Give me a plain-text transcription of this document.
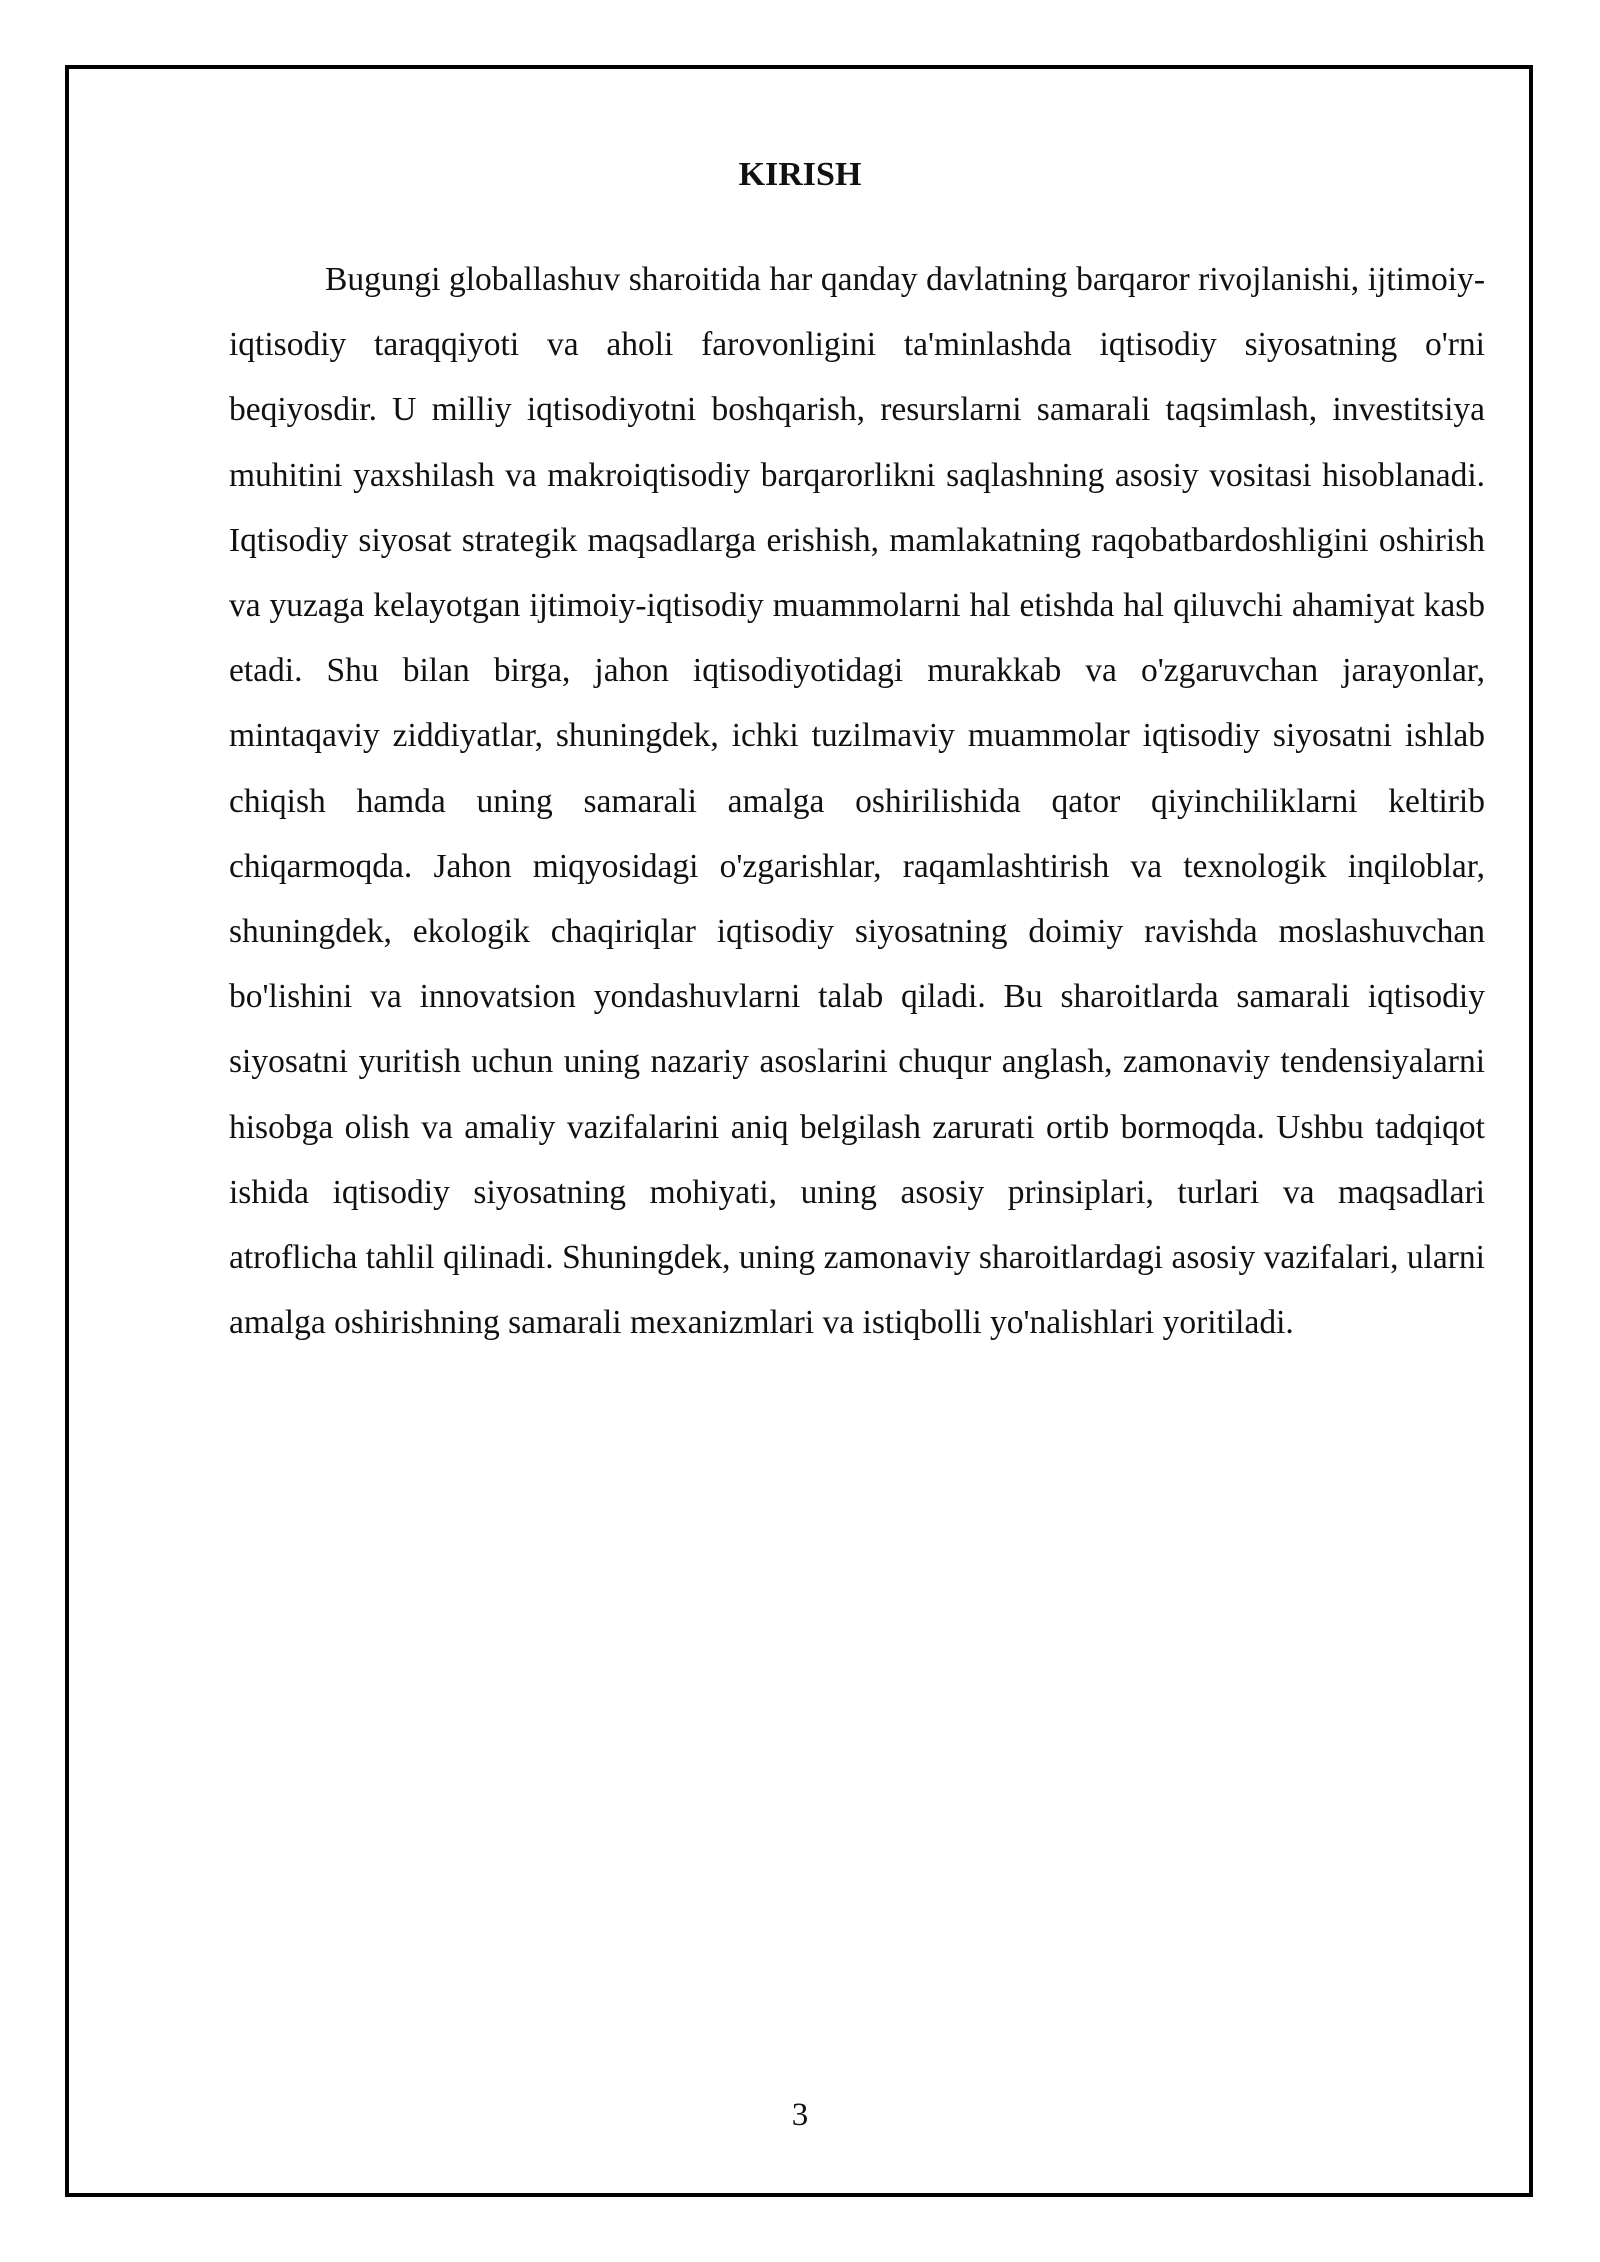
KIRISH

Bugungi globallashuv sharoitida har qanday davlatning barqaror rivojlanishi, ijtimoiy-iqtisodiy taraqqiyoti va aholi farovonligini ta'minlashda iqtisodiy siyosatning o'rni beqiyosdir. U milliy iqtisodiyotni boshqarish, resurslarni samarali taqsimlash, investitsiya muhitini yaxshilash va makroiqtisodiy barqarorlikni saqlashning asosiy vositasi hisoblanadi. Iqtisodiy siyosat strategik maqsadlarga erishish, mamlakatning raqobatbardoshligini oshirish va yuzaga kelayotgan ijtimoiy-iqtisodiy muammolarni hal etishda hal qiluvchi ahamiyat kasb etadi. Shu bilan birga, jahon iqtisodiyotidagi murakkab va o'zgaruvchan jarayonlar, mintaqaviy ziddiyatlar, shuningdek, ichki tuzilmaviy muammolar iqtisodiy siyosatni ishlab chiqish hamda uning samarali amalga oshirilishida qator qiyinchiliklarni keltirib chiqarmoqda. Jahon miqyosidagi o'zgarishlar, raqamlashtirish va texnologik inqiloblar, shuningdek, ekologik chaqiriqlar iqtisodiy siyosatning doimiy ravishda moslashuvchan bo'lishini va innovatsion yondashuvlarni talab qiladi. Bu sharoitlarda samarali iqtisodiy siyosatni yuritish uchun uning nazariy asoslarini chuqur anglash, zamonaviy tendensiyalarni hisobga olish va amaliy vazifalarini aniq belgilash zarurati ortib bormoqda. Ushbu tadqiqot ishida iqtisodiy siyosatning mohiyati, uning asosiy prinsiplari, turlari va maqsadlari atroflicha tahlil qilinadi. Shuningdek, uning zamonaviy sharoitlardagi asosiy vazifalari, ularni amalga oshirishning samarali mexanizmlari va istiqbolli yo'nalishlari yoritiladi.

3
